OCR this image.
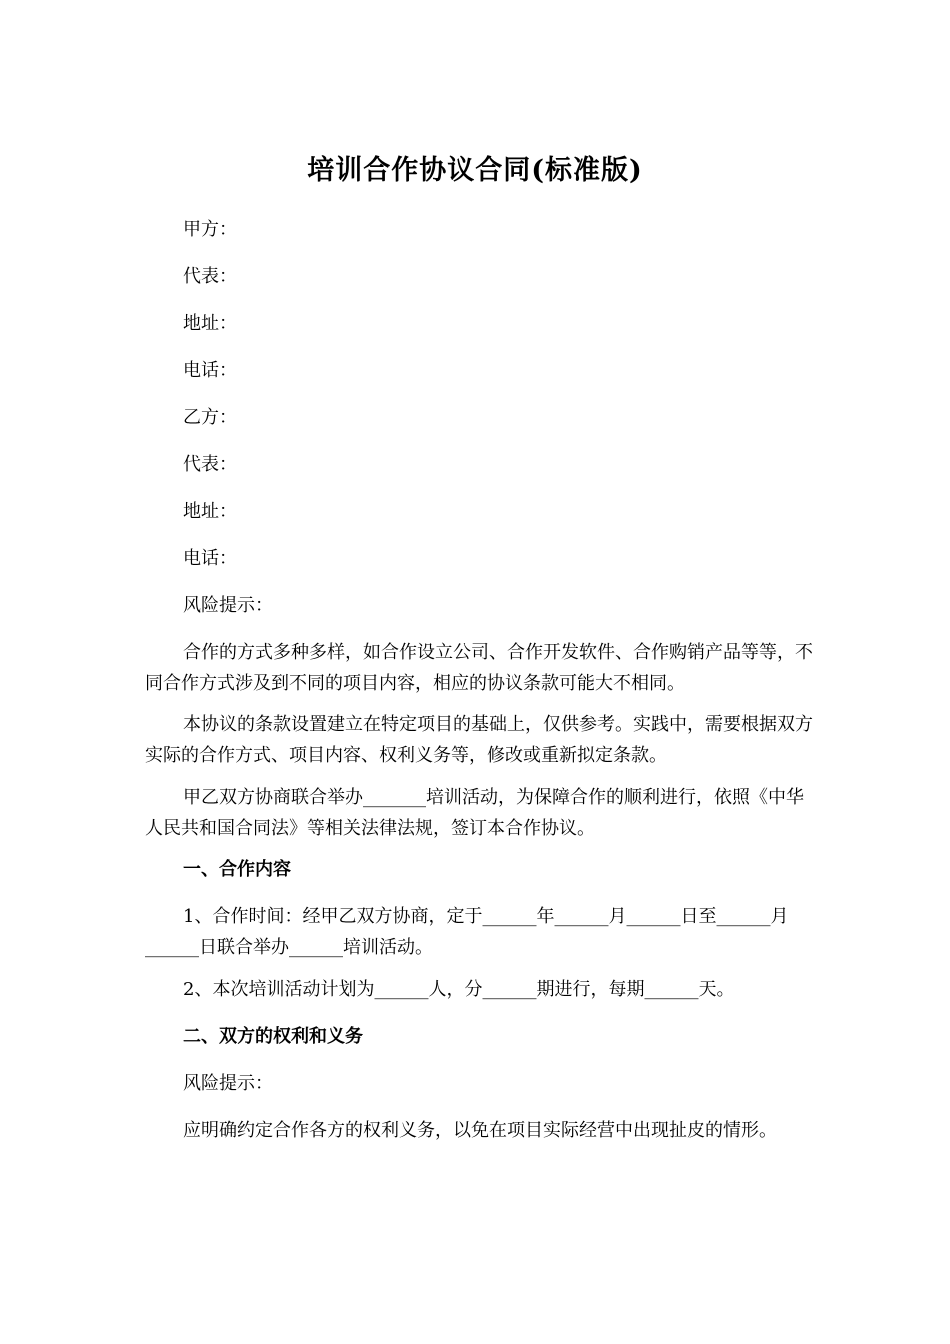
培训合作协议合同(标准版)
甲方：
代表：
地址：
电话：
乙方：
代表：
地址：
电话：
风险提示：
合作的方式多种多样，如合作设立公司、合作开发软件、合作购销产品等等，不同合作方式涉及到不同的项目内容，相应的协议条款可能大不相同。
本协议的条款设置建立在特定项目的基础上，仅供参考。实践中，需要根据双方实际的合作方式、项目内容、权利义务等，修改或重新拟定条款。
甲乙双方协商联合举办_______培训活动，为保障合作的顺利进行，依照《中华人民共和国合同法》等相关法律法规，签订本合作协议。
一、合作内容
1、合作时间：经甲乙双方协商，定于______年______月______日至______月______日联合举办______培训活动。
2、本次培训活动计划为______人，分______期进行，每期______天。
二、双方的权利和义务
风险提示：
应明确约定合作各方的权利义务，以免在项目实际经营中出现扯皮的情形。
